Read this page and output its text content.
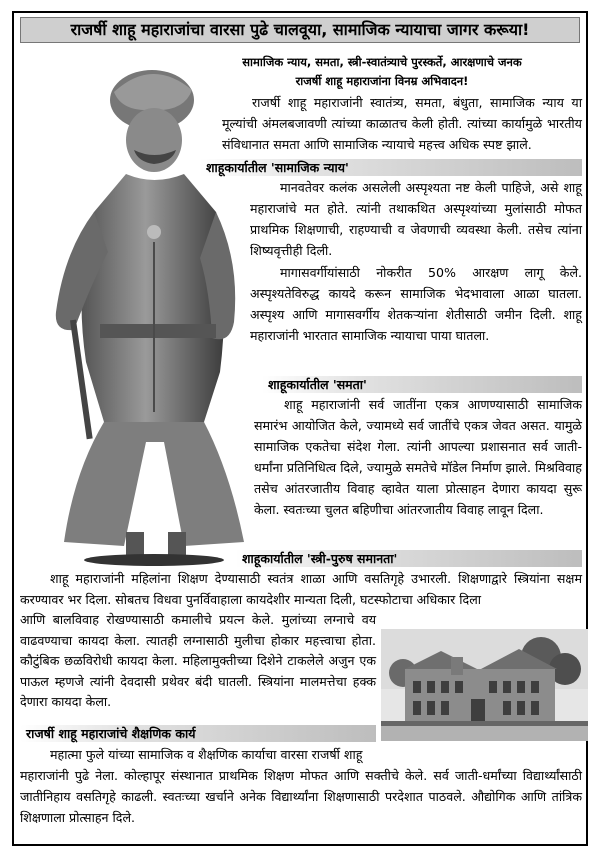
राजर्षी शाहू महाराजांचा वारसा पुढे चालवूया, सामाजिक न्यायाचा जागर करूया!
सामाजिक न्याय, समता, स्त्री-स्वातंत्र्याचे पुरस्कर्ते, आरक्षणाचे जनक
राजर्षी शाहू महाराजांना विनम्र अभिवादन!
राजर्षी शाहू महाराजांनी स्वातंत्र्य, समता, बंधुता, सामाजिक न्याय या मूल्यांची अंमलबजावणी त्यांच्या काळातच केली होती. त्यांच्या कार्यामुळे भारतीय संविधानात समता आणि सामाजिक न्यायाचे महत्त्व अधिक स्पष्ट झाले.
शाहूकार्यातील 'सामाजिक न्याय'
मानवतेवर कलंक असलेली अस्पृश्यता नष्ट केली पाहिजे, असे शाहू महाराजांचे मत होते. त्यांनी तथाकथित अस्पृश्यांच्या मुलांसाठी मोफत प्राथमिक शिक्षणाची, राहण्याची व जेवणाची व्यवस्था केली. तसेच त्यांना शिष्यवृत्तीही दिली.
मागासवर्गीयांसाठी नोकरीत 50% आरक्षण लागू केले. अस्पृश्यतेविरुद्ध कायदे करून सामाजिक भेदभावाला आळा घातला. अस्पृश्य आणि मागासवर्गीय शेतकऱ्यांना शेतीसाठी जमीन दिली. शाहू महाराजांनी भारतात सामाजिक न्यायाचा पाया घातला.
शाहूकार्यातील 'समता'
शाहू महाराजांनी सर्व जातींना एकत्र आणण्यासाठी सामाजिक समारंभ आयोजित केले, ज्यामध्ये सर्व जातींचे एकत्र जेवत असत. यामुळे सामाजिक एकतेचा संदेश गेला. त्यांनी आपल्या प्रशासनात सर्व जाती-धर्मांना प्रतिनिधित्व दिले, ज्यामुळे समतेचे मॉडेल निर्माण झाले. मिश्रविवाह तसेच आंतरजातीय विवाह व्हावेत याला प्रोत्साहन देणारा कायदा सुरू केला. स्वतःच्या चुलत बहिणीचा आंतरजातीय विवाह लावून दिला.
शाहूकार्यातील 'स्त्री-पुरुष समानता'
शाहू महाराजांनी महिलांना शिक्षण देण्यासाठी स्वतंत्र शाळा आणि वसतिगृहे उभारली. शिक्षणाद्वारे स्त्रियांना सक्षम करण्यावर भर दिला. सोबतच विधवा पुनर्विवाहाला कायदेशीर मान्यता दिली, घटस्फोटाचा अधिकार दिला
आणि बालविवाह रोखण्यासाठी कमालीचे प्रयत्न केले. मुलांच्या लग्नाचे वय वाढवण्याचा कायदा केला. त्यातही लग्नासाठी मुलीचा होकार महत्त्वाचा होता. कौटुंबिक छळविरोधी कायदा केला. महिलामुक्तीच्या दिशेने टाकलेले अजुन एक पाऊल म्हणजे त्यांनी देवदासी प्रथेवर बंदी घातली. स्त्रियांना मालमत्तेचा हक्क देणारा कायदा केला.
राजर्षी शाहू महाराजांचे शैक्षणिक कार्य
महात्मा फुले यांच्या सामाजिक व शैक्षणिक कार्याचा वारसा राजर्षी शाहू
महाराजांनी पुढे नेला. कोल्हापूर संस्थानात प्राथमिक शिक्षण मोफत आणि सक्तीचे केले. सर्व जाती-धर्मांच्या विद्यार्थ्यांसाठी जातीनिहाय वसतिगृहे काढली. स्वतःच्या खर्चाने अनेक विद्यार्थ्यांना शिक्षणासाठी परदेशात पाठवले. औद्योगिक आणि तांत्रिक शिक्षणाला प्रोत्साहन दिले.
